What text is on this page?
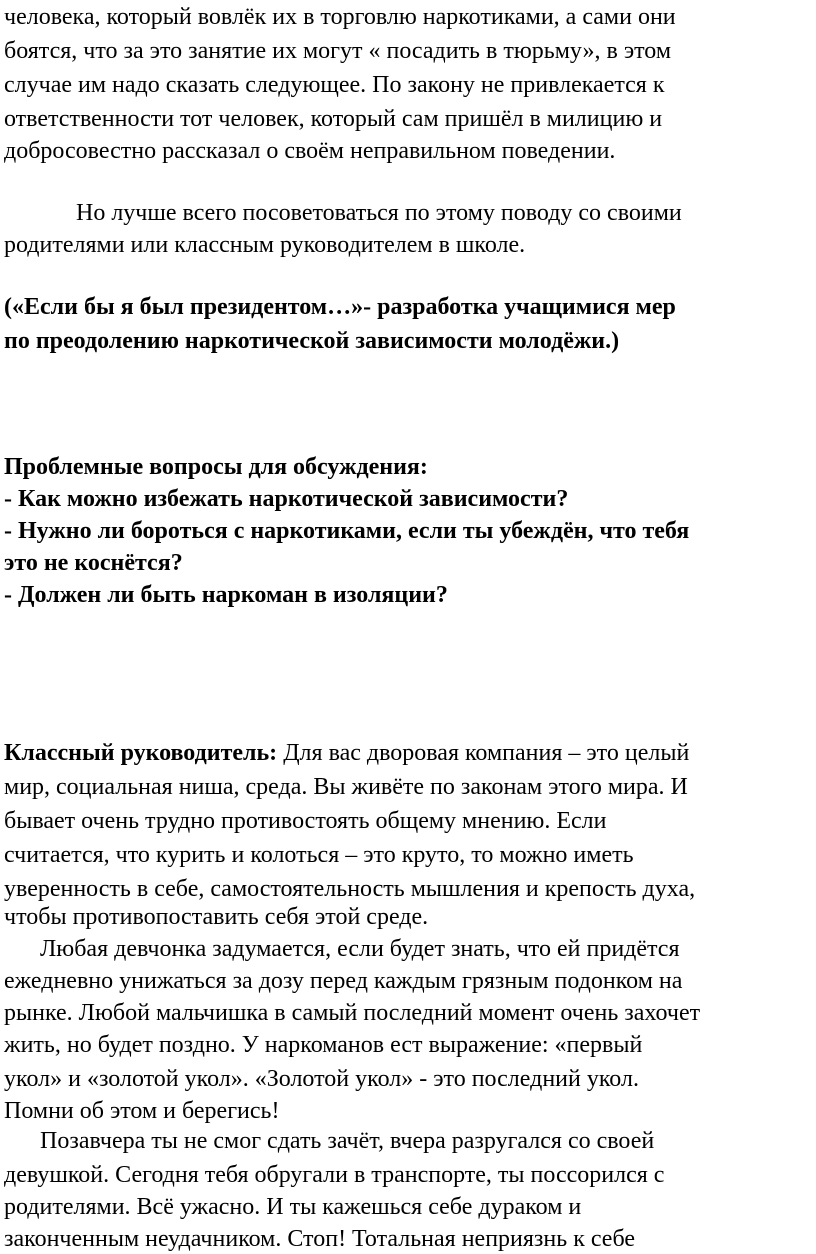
человека, который вовлёк их в торговлю наркотиками, а сами они
боятся, что за это занятие их могут « посадить в тюрьму», в этом
случае им надо сказать следующее. По закону не привлекается к
ответственности тот человек, который сам пришёл в милицию и
добросовестно рассказал о своём неправильном поведении.
Но лучше всего посоветоваться по этому поводу со своими
родителями или классным руководителем в школе.
(«Если бы я был президентом…»- разработка учащимися мер
по преодолению наркотической зависимости молодёжи.)
Проблемные вопросы для обсуждения:
- Как можно избежать наркотической зависимости?
- Нужно ли бороться с наркотиками, если ты убеждён, что тебя
это не коснётся?
- Должен ли быть наркоман в изоляции?
Классный руководитель: Для вас дворовая компания – это целый
мир, социальная ниша, среда. Вы живёте по законам этого мира. И
бывает очень трудно противостоять общему мнению. Если
считается, что курить и колоться – это круто, то можно иметь
уверенность в себе, самостоятельность мышления и крепость духа,
чтобы противопоставить себя этой среде.
Любая девчонка задумается, если будет знать, что ей придётся
ежедневно унижаться за дозу перед каждым грязным подонком на
рынке. Любой мальчишка в самый последний момент очень захочет
жить, но будет поздно. У наркоманов ест выражение: «первый
укол» и «золотой укол». «Золотой укол» - это последний укол.
Помни об этом и берегись!
Позавчера ты не смог сдать зачёт, вчера разругался со своей
девушкой. Сегодня тебя обругали в транспорте, ты поссорился с
родителями. Всё ужасно. И ты кажешься себе дураком и
законченным неудачником. Стоп! Тотальная неприязнь к себе
